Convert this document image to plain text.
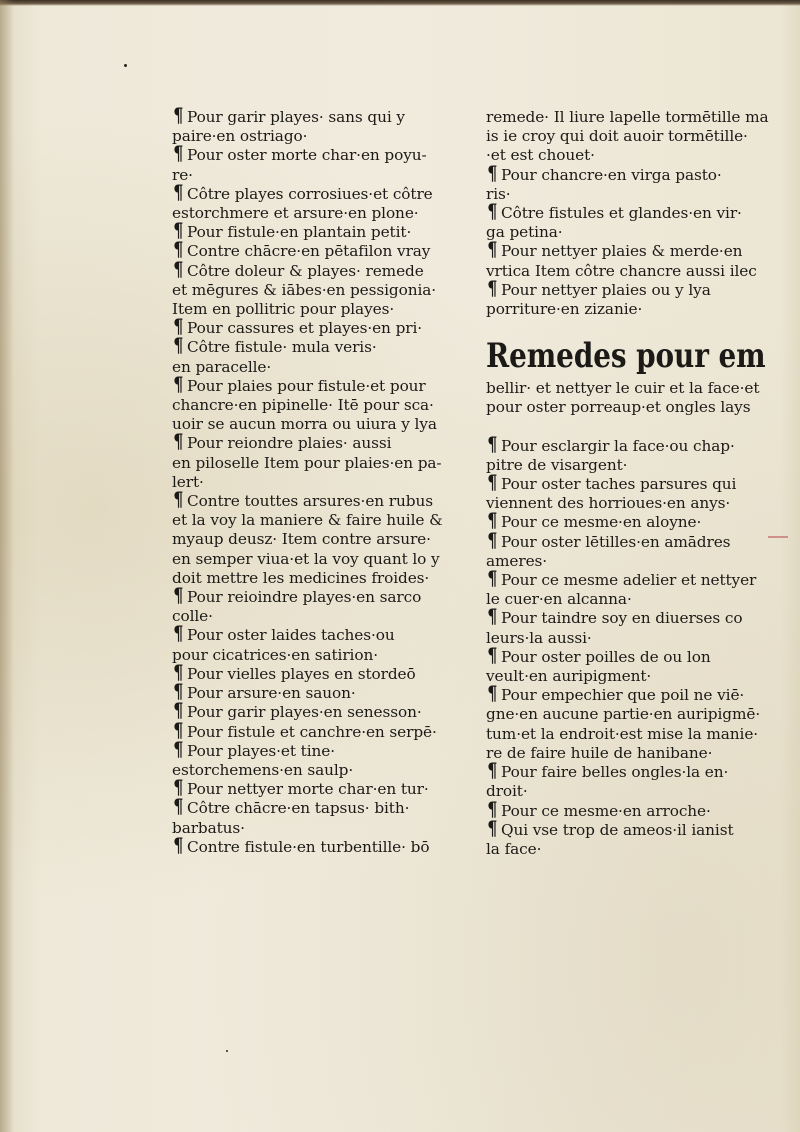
¶ Pour garir playes· sans qui y
paire·en ostriago·
¶ Pour oster morte char·en poyu-
re·
¶ Côtre playes corrosiues·et côtre
estorchmere et arsure·en plone·
¶ Pour fistule·en plantain petit·
¶ Contre chācre·en pētafilon vray
¶ Côtre doleur & playes· remede
et mēgures & iābes·en pessigonia·
Item en pollitric pour playes·
¶ Pour cassures et playes·en pri·
¶ Côtre fistule· mula veris·
en paracelle·
¶ Pour plaies pour fistule·et pour
chancre·en pipinelle· Itē pour sca·
uoir se aucun morra ou uiura y lya
¶ Pour reiondre plaies· aussi
en piloselle Item pour plaies·en pa-
lert·
¶ Contre touttes arsures·en rubus
et la voy la maniere & faire huile &
myaup deusz· Item contre arsure·
en semper viua·et la voy quant lo y
doit mettre les medicines froides·
¶ Pour reioindre playes·en sarco
colle·
¶ Pour oster laides taches·ou
pour cicatrices·en satirion·
¶ Pour vielles playes en stordeō
¶ Pour arsure·en sauon·
¶ Pour garir playes·en senesson·
¶ Pour fistule et canchre·en serpē·
¶ Pour playes·et tine·
estorchemens·en saulp·
¶ Pour nettyer morte char·en tur·
¶ Côtre chācre·en tapsus· bith·
barbatus·
¶ Contre fistule·en turbentille· bō
remede· Il liure lapelle tormētille ma
is ie croy qui doit auoir tormētille·
·et est chouet·
¶ Pour chancre·en virga pasto·
ris·
¶ Côtre fistules et glandes·en vir·
ga petina·
¶ Pour nettyer plaies & merde·en
vrtica Item côtre chancre aussi ilec
¶ Pour nettyer plaies ou y lya
porriture·en zizanie·
Remedes pour em
bellir· et nettyer le cuir et la face·et
pour oster porreaup·et ongles lays
¶ Pour esclargir la face·ou chap·
pitre de visargent·
¶ Pour oster taches parsures qui
viennent des horrioues·en anys·
¶ Pour ce mesme·en aloyne·
¶ Pour oster lētilles·en amādres
ameres·
¶ Pour ce mesme adelier et nettyer
le cuer·en alcanna·
¶ Pour taindre soy en diuerses co
leurs·la aussi·
¶ Pour oster poilles de ou lon
veult·en auripigment·
¶ Pour empechier que poil ne viē·
gne·en aucune partie·en auripigmē·
tum·et la endroit·est mise la manie·
re de faire huile de hanibane·
¶ Pour faire belles ongles·la en·
droit·
¶ Pour ce mesme·en arroche·
¶ Qui vse trop de ameos·il ianist
la face·
